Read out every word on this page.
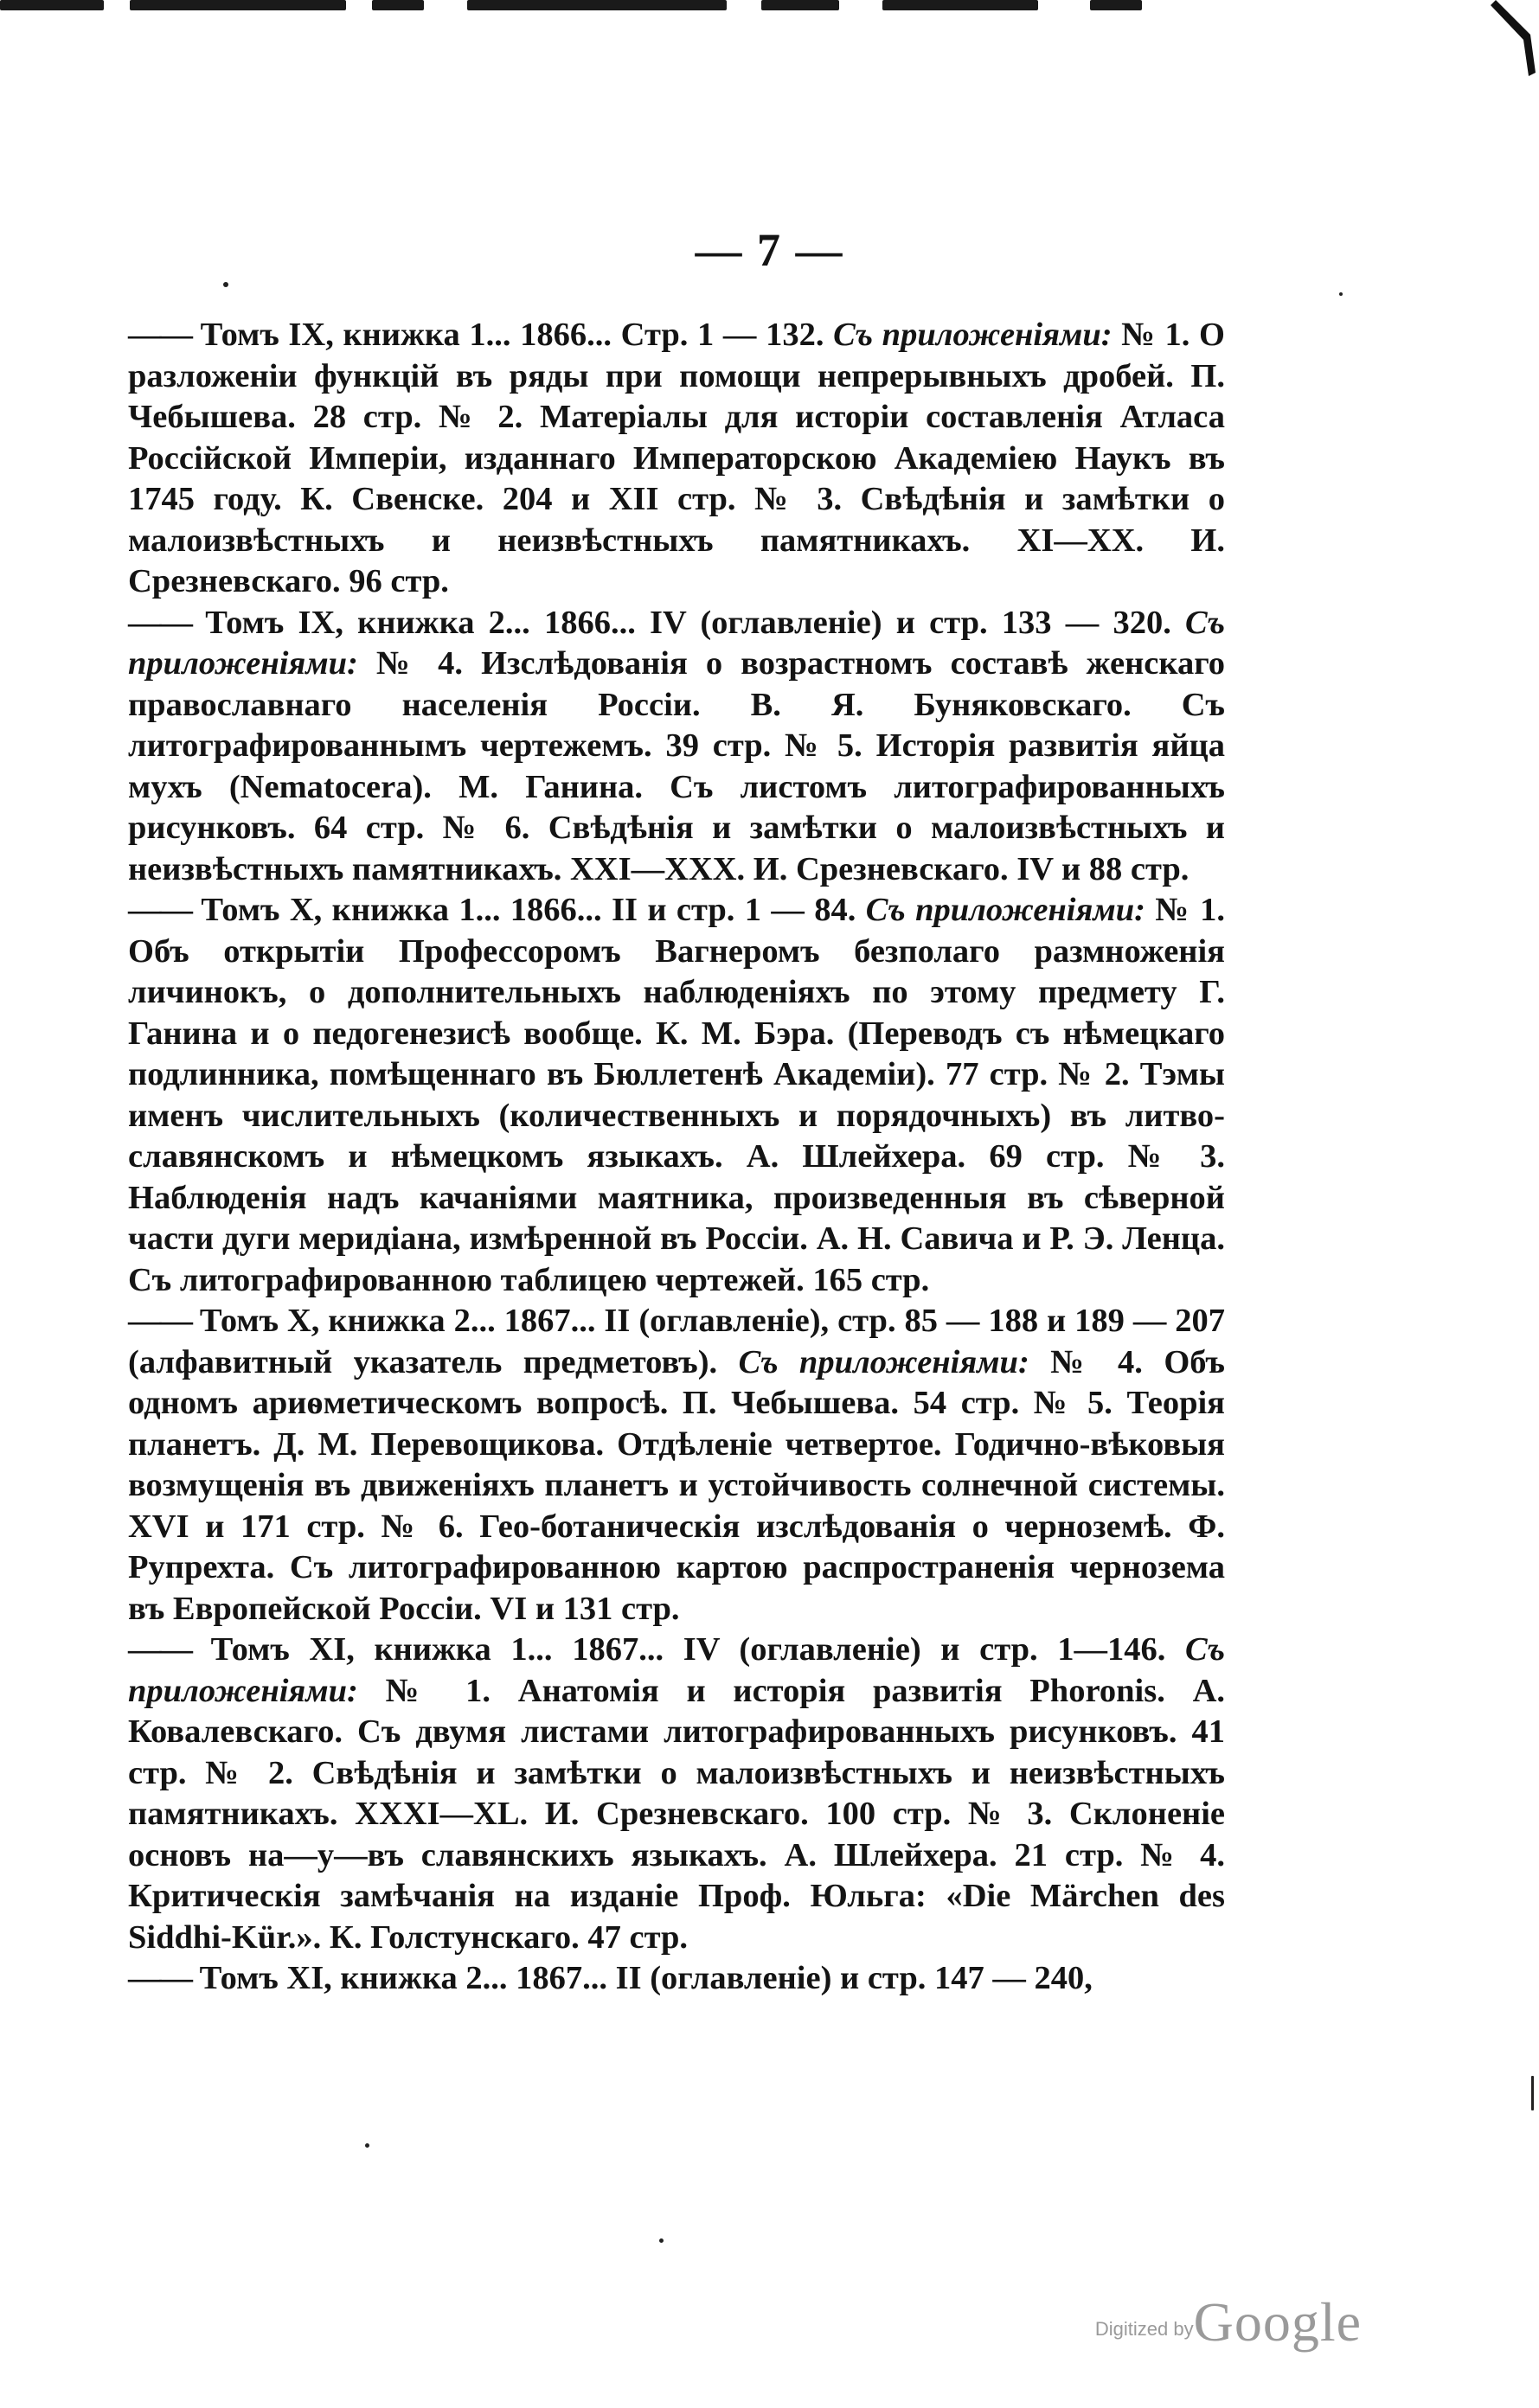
— 7 —

—— Томъ IX, книжка 1... 1866... Стр. 1 — 132. Съ приложеніями: № 1. О разложеніи функцій въ ряды при помощи непрерывныхъ дробей. П. Чебышева. 28 стр. № 2. Матеріалы для исторіи составленія Атласа Россійской Имперіи, изданнаго Императорскою Академіею Наукъ въ 1745 году. К. Свенске. 204 и XII стр. № 3. Свѣдѣнія и замѣтки о малоизвѣстныхъ и неизвѣстныхъ памятникахъ. XI—XX. И. Срезневскаго. 96 стр.

—— Томъ IX, книжка 2... 1866... IV (оглавленіе) и стр. 133 — 320. Съ приложеніями: № 4. Изслѣдованія о возрастномъ составѣ женскаго православнаго населенія Россіи. В. Я. Буняковскаго. Съ литографированнымъ чертежемъ. 39 стр. № 5. Исторія развитія яйца мухъ (Nematocera). М. Ганина. Съ листомъ литографированныхъ рисунковъ. 64 стр. № 6. Свѣдѣнія и замѣтки о малоизвѣстныхъ и неизвѣстныхъ памятникахъ. XXI—XXX. И. Срезневскаго. IV и 88 стр.

—— Томъ X, книжка 1... 1866... II и стр. 1 — 84. Съ приложеніями: № 1. Объ открытіи Профессоромъ Вагнеромъ безполаго размноженія личинокъ, о дополнительныхъ наблюденіяхъ по этому предмету Г. Ганина и о педогенезисѣ вообще. К. М. Бэра. (Переводъ съ нѣмецкаго подлинника, помѣщеннаго въ Бюллетенѣ Академіи). 77 стр. № 2. Тэмы именъ числительныхъ (количественныхъ и порядочныхъ) въ литво-славянскомъ и нѣмецкомъ языкахъ. А. Шлейхера. 69 стр. № 3. Наблюденія надъ качаніями маятника, произведенныя въ сѣверной части дуги меридіана, измѣренной въ Россіи. А. Н. Савича и Р. Э. Ленца. Съ литографированною таблицею чертежей. 165 стр.

—— Томъ X, книжка 2... 1867... II (оглавленіе), стр. 85 — 188 и 189 — 207 (алфавитный указатель предметовъ). Съ приложеніями: № 4. Объ одномъ ариѳметическомъ вопросѣ. П. Чебышева. 54 стр. № 5. Теорія планетъ. Д. М. Перевощикова. Отдѣленіе четвертое. Годично-вѣковыя возмущенія въ движеніяхъ планетъ и устойчивость солнечной системы. XVI и 171 стр. № 6. Гео-ботаническія изслѣдованія о черноземѣ. Ф. Рупрехта. Съ литографированною картою распространенія чернозема въ Европейской Россіи. VI и 131 стр.

—— Томъ XI, книжка 1... 1867... IV (оглавленіе) и стр. 1—146. Съ приложеніями: № 1. Анатомія и исторія развитія Phoronis. А. Ковалевскаго. Съ двумя листами литографированныхъ рисунковъ. 41 стр. № 2. Свѣдѣнія и замѣтки о малоизвѣстныхъ и неизвѣстныхъ памятникахъ. XXXI—XL. И. Срезневскаго. 100 стр. № 3. Склоненіе основъ на—у—въ славянскихъ языкахъ. А. Шлейхера. 21 стр. № 4. Критическія замѣчанія на изданіе Проф. Юльга: «Die Märchen des Siddhi-Kür.». К. Голстунскаго. 47 стр.

—— Томъ XI, книжка 2... 1867... II (оглавленіе) и стр. 147 — 240,

Digitized byGoogle
